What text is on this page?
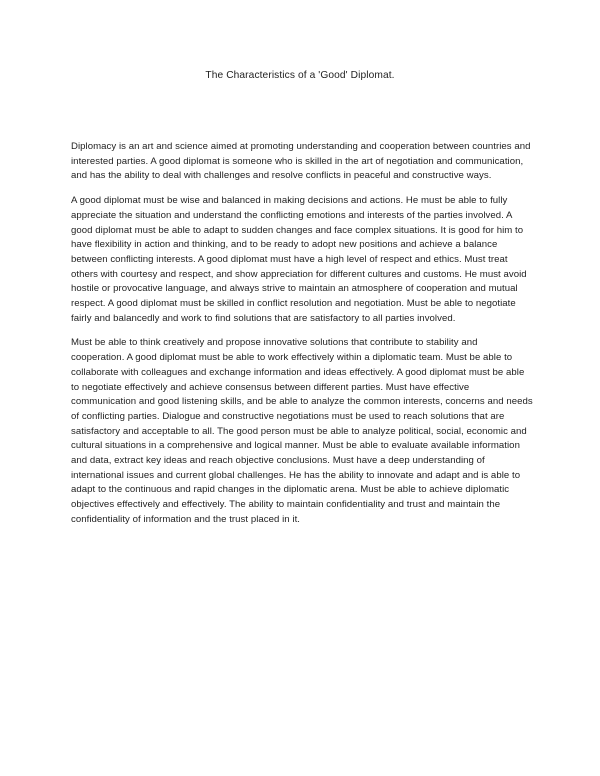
The Characteristics of a 'Good' Diplomat.

Diplomacy is an art and science aimed at promoting understanding and cooperation between countries and interested parties. A good diplomat is someone who is skilled in the art of negotiation and communication, and has the ability to deal with challenges and resolve conflicts in peaceful and constructive ways.

A good diplomat must be wise and balanced in making decisions and actions. He must be able to fully appreciate the situation and understand the conflicting emotions and interests of the parties involved. A good diplomat must be able to adapt to sudden changes and face complex situations. It is good for him to have flexibility in action and thinking, and to be ready to adopt new positions and achieve a balance between conflicting interests. A good diplomat must have a high level of respect and ethics. Must treat others with courtesy and respect, and show appreciation for different cultures and customs. He must avoid hostile or provocative language, and always strive to maintain an atmosphere of cooperation and mutual respect. A good diplomat must be skilled in conflict resolution and negotiation. Must be able to negotiate fairly and balancedly and work to find solutions that are satisfactory to all parties involved.

Must be able to think creatively and propose innovative solutions that contribute to stability and cooperation. A good diplomat must be able to work effectively within a diplomatic team. Must be able to collaborate with colleagues and exchange information and ideas effectively. A good diplomat must be able to negotiate effectively and achieve consensus between different parties. Must have effective communication and good listening skills, and be able to analyze the common interests, concerns and needs of conflicting parties. Dialogue and constructive negotiations must be used to reach solutions that are satisfactory and acceptable to all. The good person must be able to analyze political, social, economic and cultural situations in a comprehensive and logical manner. Must be able to evaluate available information and data, extract key ideas and reach objective conclusions. Must have a deep understanding of international issues and current global challenges. He has the ability to innovate and adapt and is able to adapt to the continuous and rapid changes in the diplomatic arena. Must be able to achieve diplomatic objectives effectively and effectively. The ability to maintain confidentiality and trust and maintain the confidentiality of information and the trust placed in it.
